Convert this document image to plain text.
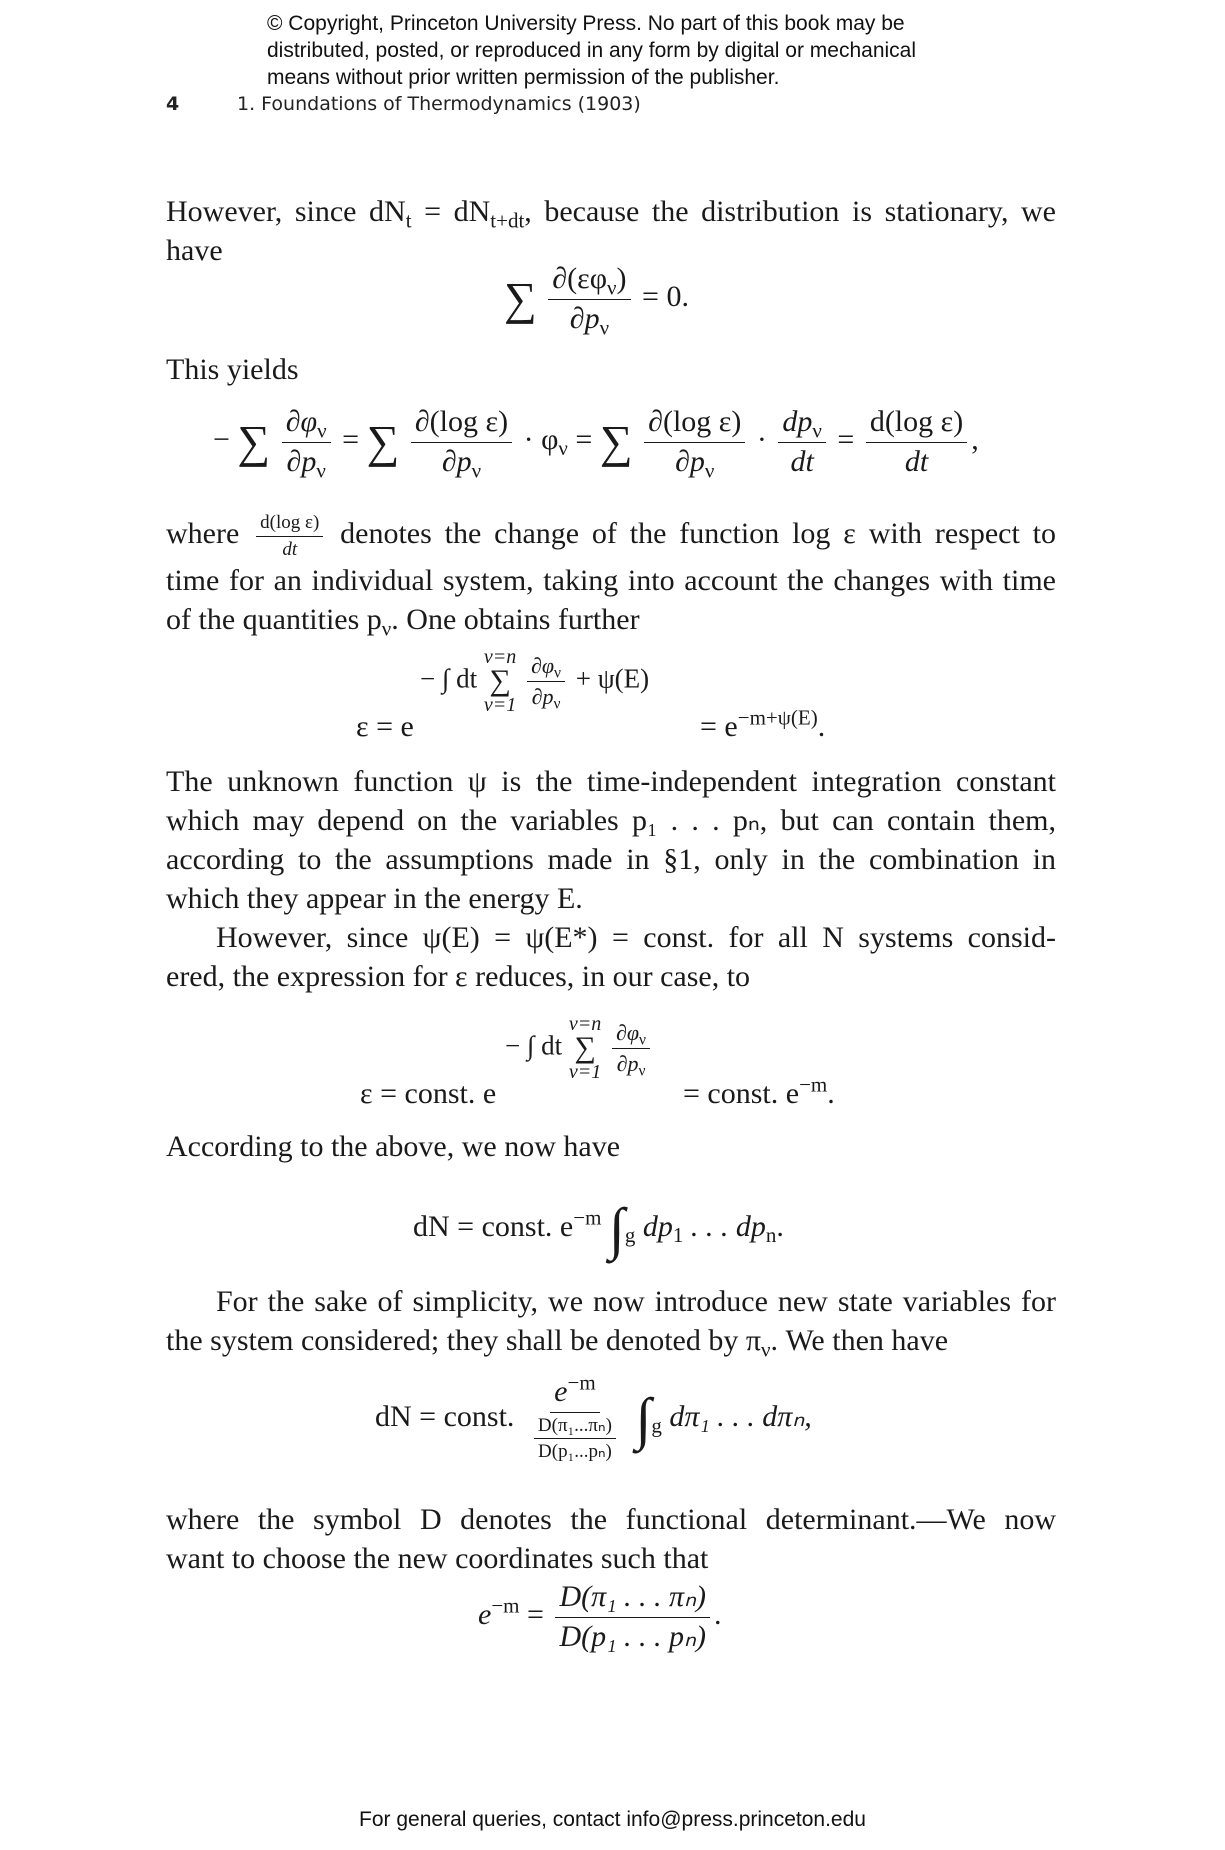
© Copyright, Princeton University Press. No part of this book may be
distributed, posted, or reproduced in any form by digital or mechanical
means without prior written permission of the publisher.
4	1. Foundations of Thermodynamics (1903)
However, since $dN_t = dN_{t+dt}$, because the distribution is stationary, we
have
∑ $\frac{\partial(\varepsilon\varphi_\nu)}{\partial p_\nu} = 0$.
This yields
− ∑ $\frac{\partial\varphi_\nu}{\partial p_\nu}$ = ∑ $\frac{\text{∂(log ε)}}{\partial p_\nu} \cdot \varphi_\nu$ = ∑ $\frac{\text{∂(log ε)}}{\partial p_\nu} \cdot \frac{dp_\nu}{dt} = \frac{\text{d(log ε)}}{dt}$ ,
where $\frac{\text{d(log ε)}}{dt}$ denotes the change of the function log ε with respect to
time for an individual system, taking into account the changes with time
of the quantities $p_\nu$. One obtains further
ε = e
− ∫ dt
ν=n
∑
ν=1
$\frac{\partial\varphi_\nu}{\partial p_\nu} + \psi(E)$
= $e^{-m+\psi(E)}$.
The unknown function ψ is the time-independent integration constant
which may depend on the variables p₁ . . . pₙ, but can contain them,
according to the assumptions made in §1, only in the combination in
which they appear in the energy E.
However, since ψ(E) = ψ(E*) = const. for all N systems consid-
ered, the expression for ε reduces, in our case, to
ε = const. e
− ∫ dt
ν=n
∑
ν=1
$\frac{\partial\varphi_\nu}{\partial p_\nu}$
= const. $e^{-m}$.
According to the above, we now have
dN = const. $e^{-m}$ $\int_g$ $dp_1$ . . . $dp_n$.
For the sake of simplicity, we now introduce new state variables for
the system considered; they shall be denoted by $\pi_\nu$. We then have
dN = const. $\frac{e^{-m}}{\frac{\text{D(π₁...πₙ)}}{\text{D(p₁...pₙ)}}} \int_g$ dπ₁ . . . dπₙ,
where the symbol D denotes the functional determinant.—We now
want to choose the new coordinates such that
$e^{-m} = \frac{\text{D(π₁ . . . πₙ)}}{\text{D(p₁ . . . pₙ)}}$ .
For general queries, contact info@press.princeton.edu
